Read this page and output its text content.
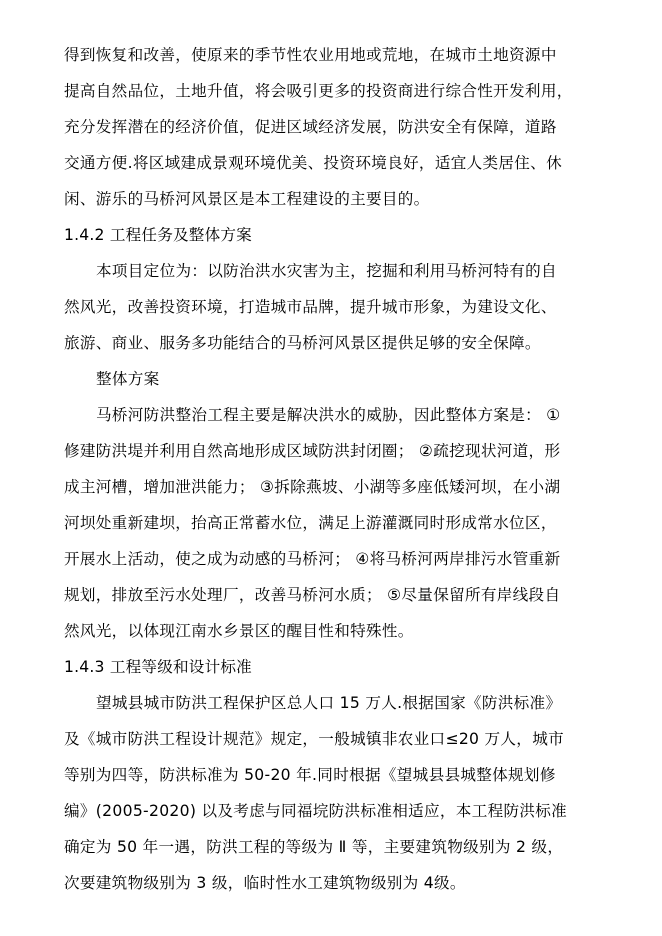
得到恢复和改善，使原来的季节性农业用地或荒地，在城市土地资源中
提高自然品位，土地升值，将会吸引更多的投资商进行综合性开发利用，
充分发挥潜在的经济价值，促进区域经济发展，防洪安全有保障，道路
交通方便.将区域建成景观环境优美、投资环境良好，适宜人类居住、休
闲、游乐的马桥河风景区是本工程建设的主要目的。
1.4.2 工程任务及整体方案
本项目定位为：以防治洪水灾害为主，挖掘和利用马桥河特有的自
然风光，改善投资环境，打造城市品牌，提升城市形象，为建设文化、
旅游、商业、服务多功能结合的马桥河风景区提供足够的安全保障。
整体方案
马桥河防洪整治工程主要是解决洪水的威胁，因此整体方案是： ①
修建防洪堤并利用自然高地形成区域防洪封闭圈； ②疏挖现状河道，形
成主河槽，增加泄洪能力； ③拆除燕坡、小湖等多座低矮河坝，在小湖
河坝处重新建坝，抬高正常蓄水位，满足上游灌溉同时形成常水位区，
开展水上活动，使之成为动感的马桥河； ④将马桥河两岸排污水管重新
规划，排放至污水处理厂，改善马桥河水质； ⑤尽量保留所有岸线段自
然风光，以体现江南水乡景区的醒目性和特殊性。
1.4.3 工程等级和设计标准
望城县城市防洪工程保护区总人口 15 万人.根据国家《防洪标准》
及《城市防洪工程设计规范》规定，一般城镇非农业口≤20 万人，城市
等别为四等，防洪标准为 50-20 年.同时根据《望城县县城整体规划修
编》(2005-2020) 以及考虑与同福垸防洪标准相适应，本工程防洪标准
确定为 50 年一遇，防洪工程的等级为 Ⅱ 等，主要建筑物级别为 2 级，
次要建筑物级别为 3 级，临时性水工建筑物级别为 4级。
